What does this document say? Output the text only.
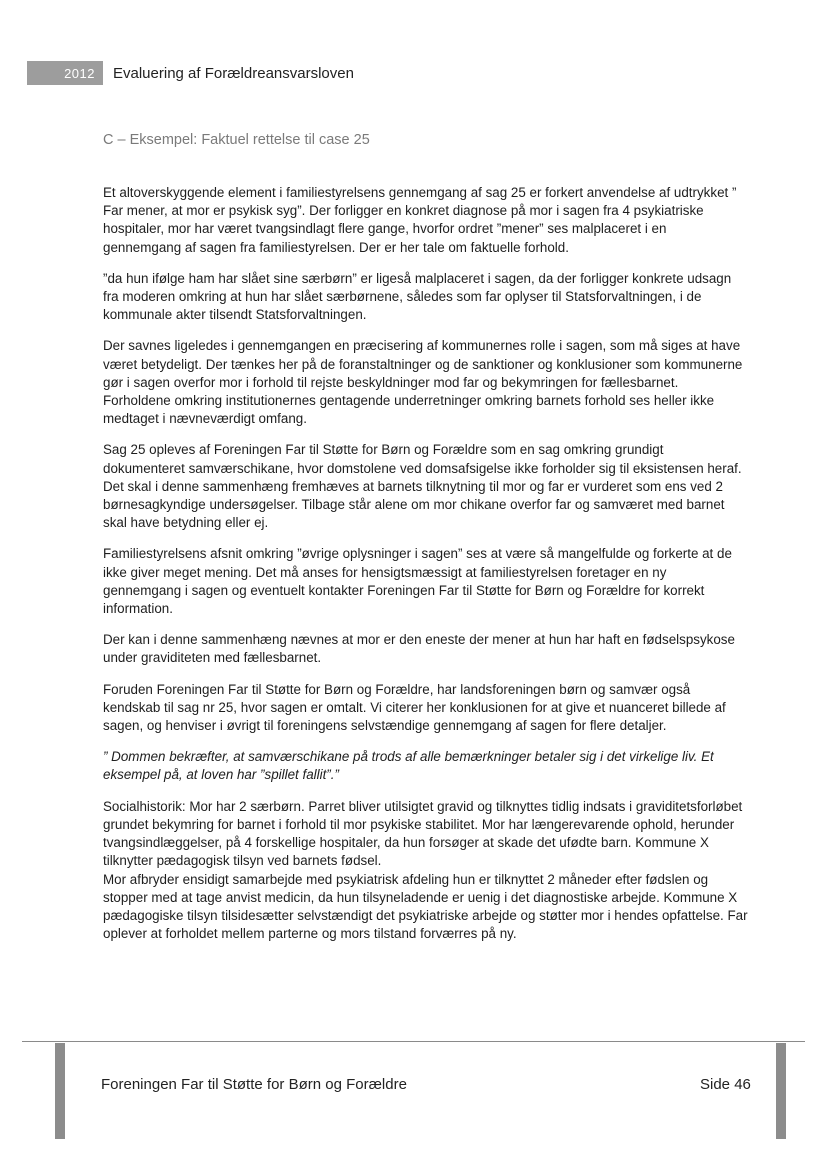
2012	Evaluering af Forældreansvarsloven
C – Eksempel: Faktuel rettelse til case 25

Et altoverskyggende element i familiestyrelsens gennemgang af sag 25 er forkert anvendelse af udtrykket ” Far mener, at mor er psykisk syg”. Der forligger en konkret diagnose på mor i sagen fra 4 psykiatriske hospitaler, mor har været tvangsindlagt flere gange, hvorfor ordret ”mener” ses malplaceret i en gennemgang af sagen fra familiestyrelsen. Der er her tale om faktuelle forhold.

”da hun ifølge ham har slået sine særbørn” er ligeså malplaceret i sagen, da der forligger konkrete udsagn fra moderen omkring at hun har slået særbørnene, således som far oplyser til Statsforvaltningen, i de kommunale akter tilsendt Statsforvaltningen.

Der savnes ligeledes i gennemgangen en præcisering af kommunernes rolle i sagen, som må siges at have været betydeligt. Der tænkes her på de foranstaltninger og de sanktioner og konklusioner som kommunerne gør i sagen overfor mor i forhold til rejste beskyldninger mod far og bekymringen for fællesbarnet. Forholdene omkring institutionernes gentagende underretninger omkring barnets forhold ses heller ikke medtaget i nævneværdigt omfang.

Sag 25 opleves af Foreningen Far til Støtte for Børn og Forældre som en sag omkring grundigt dokumenteret samværschikane, hvor domstolene ved domsafsigelse ikke forholder sig til eksistensen heraf. Det skal i denne sammenhæng fremhæves at barnets tilknytning til mor og far er vurderet som ens ved 2 børnesagkyndige undersøgelser. Tilbage står alene om mor chikane overfor far og samværet med barnet skal have betydning eller ej.

Familiestyrelsens afsnit omkring ”øvrige oplysninger i sagen” ses at være så mangelfulde og forkerte at de ikke giver meget mening. Det må anses for hensigtsmæssigt at familiestyrelsen foretager en ny gennemgang i sagen og eventuelt kontakter Foreningen Far til Støtte for Børn og Forældre for korrekt information.

Der kan i denne sammenhæng nævnes at mor er den eneste der mener at hun har haft en fødselspsykose under graviditeten med fællesbarnet.

Foruden Foreningen Far til Støtte for Børn og Forældre, har landsforeningen børn og samvær også kendskab til sag nr 25, hvor sagen er omtalt. Vi citerer her konklusionen for at give et nuanceret billede af sagen, og henviser i øvrigt til foreningens selvstændige gennemgang af sagen for flere detaljer.

” Dommen bekræfter, at samværschikane på trods af alle bemærkninger betaler sig i det virkelige liv. Et eksempel på, at loven har ”spillet fallit”.”

Socialhistorik: Mor har 2 særbørn. Parret bliver utilsigtet gravid og tilknyttes tidlig indsats i graviditetsforløbet grundet bekymring for barnet i forhold til mor psykiske stabilitet. Mor har længerevarende ophold, herunder tvangsindlæggelser, på 4 forskellige hospitaler, da hun forsøger at skade det ufødte barn. Kommune X tilknytter pædagogisk tilsyn ved barnets fødsel.

Mor afbryder ensidigt samarbejde med psykiatrisk afdeling hun er tilknyttet 2 måneder efter fødslen og stopper med at tage anvist medicin, da hun tilsyneladende er uenig i det diagnostiske arbejde. Kommune X pædagogiske tilsyn tilsidesætter selvstændigt det psykiatriske arbejde og støtter mor i hendes opfattelse. Far oplever at forholdet mellem parterne og mors tilstand forværres på ny.

Foreningen Far til Støtte for Børn og Forældre	Side 46
